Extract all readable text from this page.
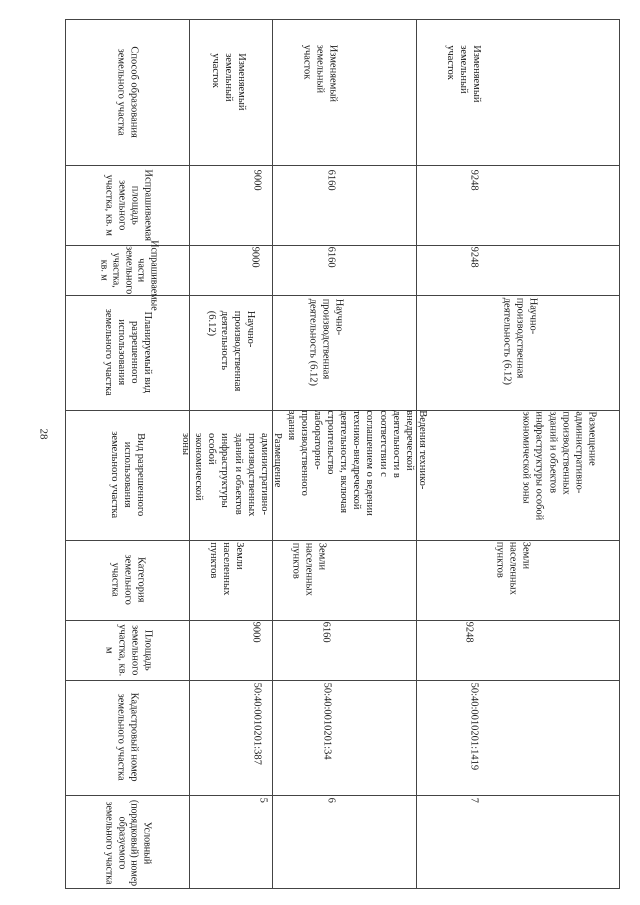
28
Способ образования
земельного участка
Испрашиваемая
площадь земельного
участка, кв. м
Испрашиваемые части
земельного участка,
кв. м
Планируемый вид
разрешенного
использования
земельного участка
Вид разрешенного
использования
земельного участка
Категория
земельного
участка
Площадь земельного
участка, кв. м
Кадастровый номер
земельного участка
Условный
(порядковый) номер
образуемого
земельного участка
Изменяемый земельный
участок
9000
9000
Научно-
производственная
деятельность (6.12)
Размещение
административно-
производственных
зданий и объектов
инфраструктуры особой
экономической зоны
Земли
населенных
пунктов
9000
50:40:0010201:387
5
Изменяемый земельный
участок
6160
6160
Научно-
производственная
деятельность (6.12)
Ведения технико-
внедреческой
деятельности в
соответствии с
соглашением о ведении
технико-внедреческой
деятельности, включая
строительство
лабораторно-
производственного
здания
Земли
населенных
пунктов
6160
50:40:0010201:34
6
Изменяемый земельный
участок
9248
9248
Научно-
производственная
деятельность (6.12)
Размещение
административно-
производственных
зданий и объектов
инфраструктуры особой
экономической зоны
Земли
населенных
пунктов
9248
50:40:0010201:1419
7
